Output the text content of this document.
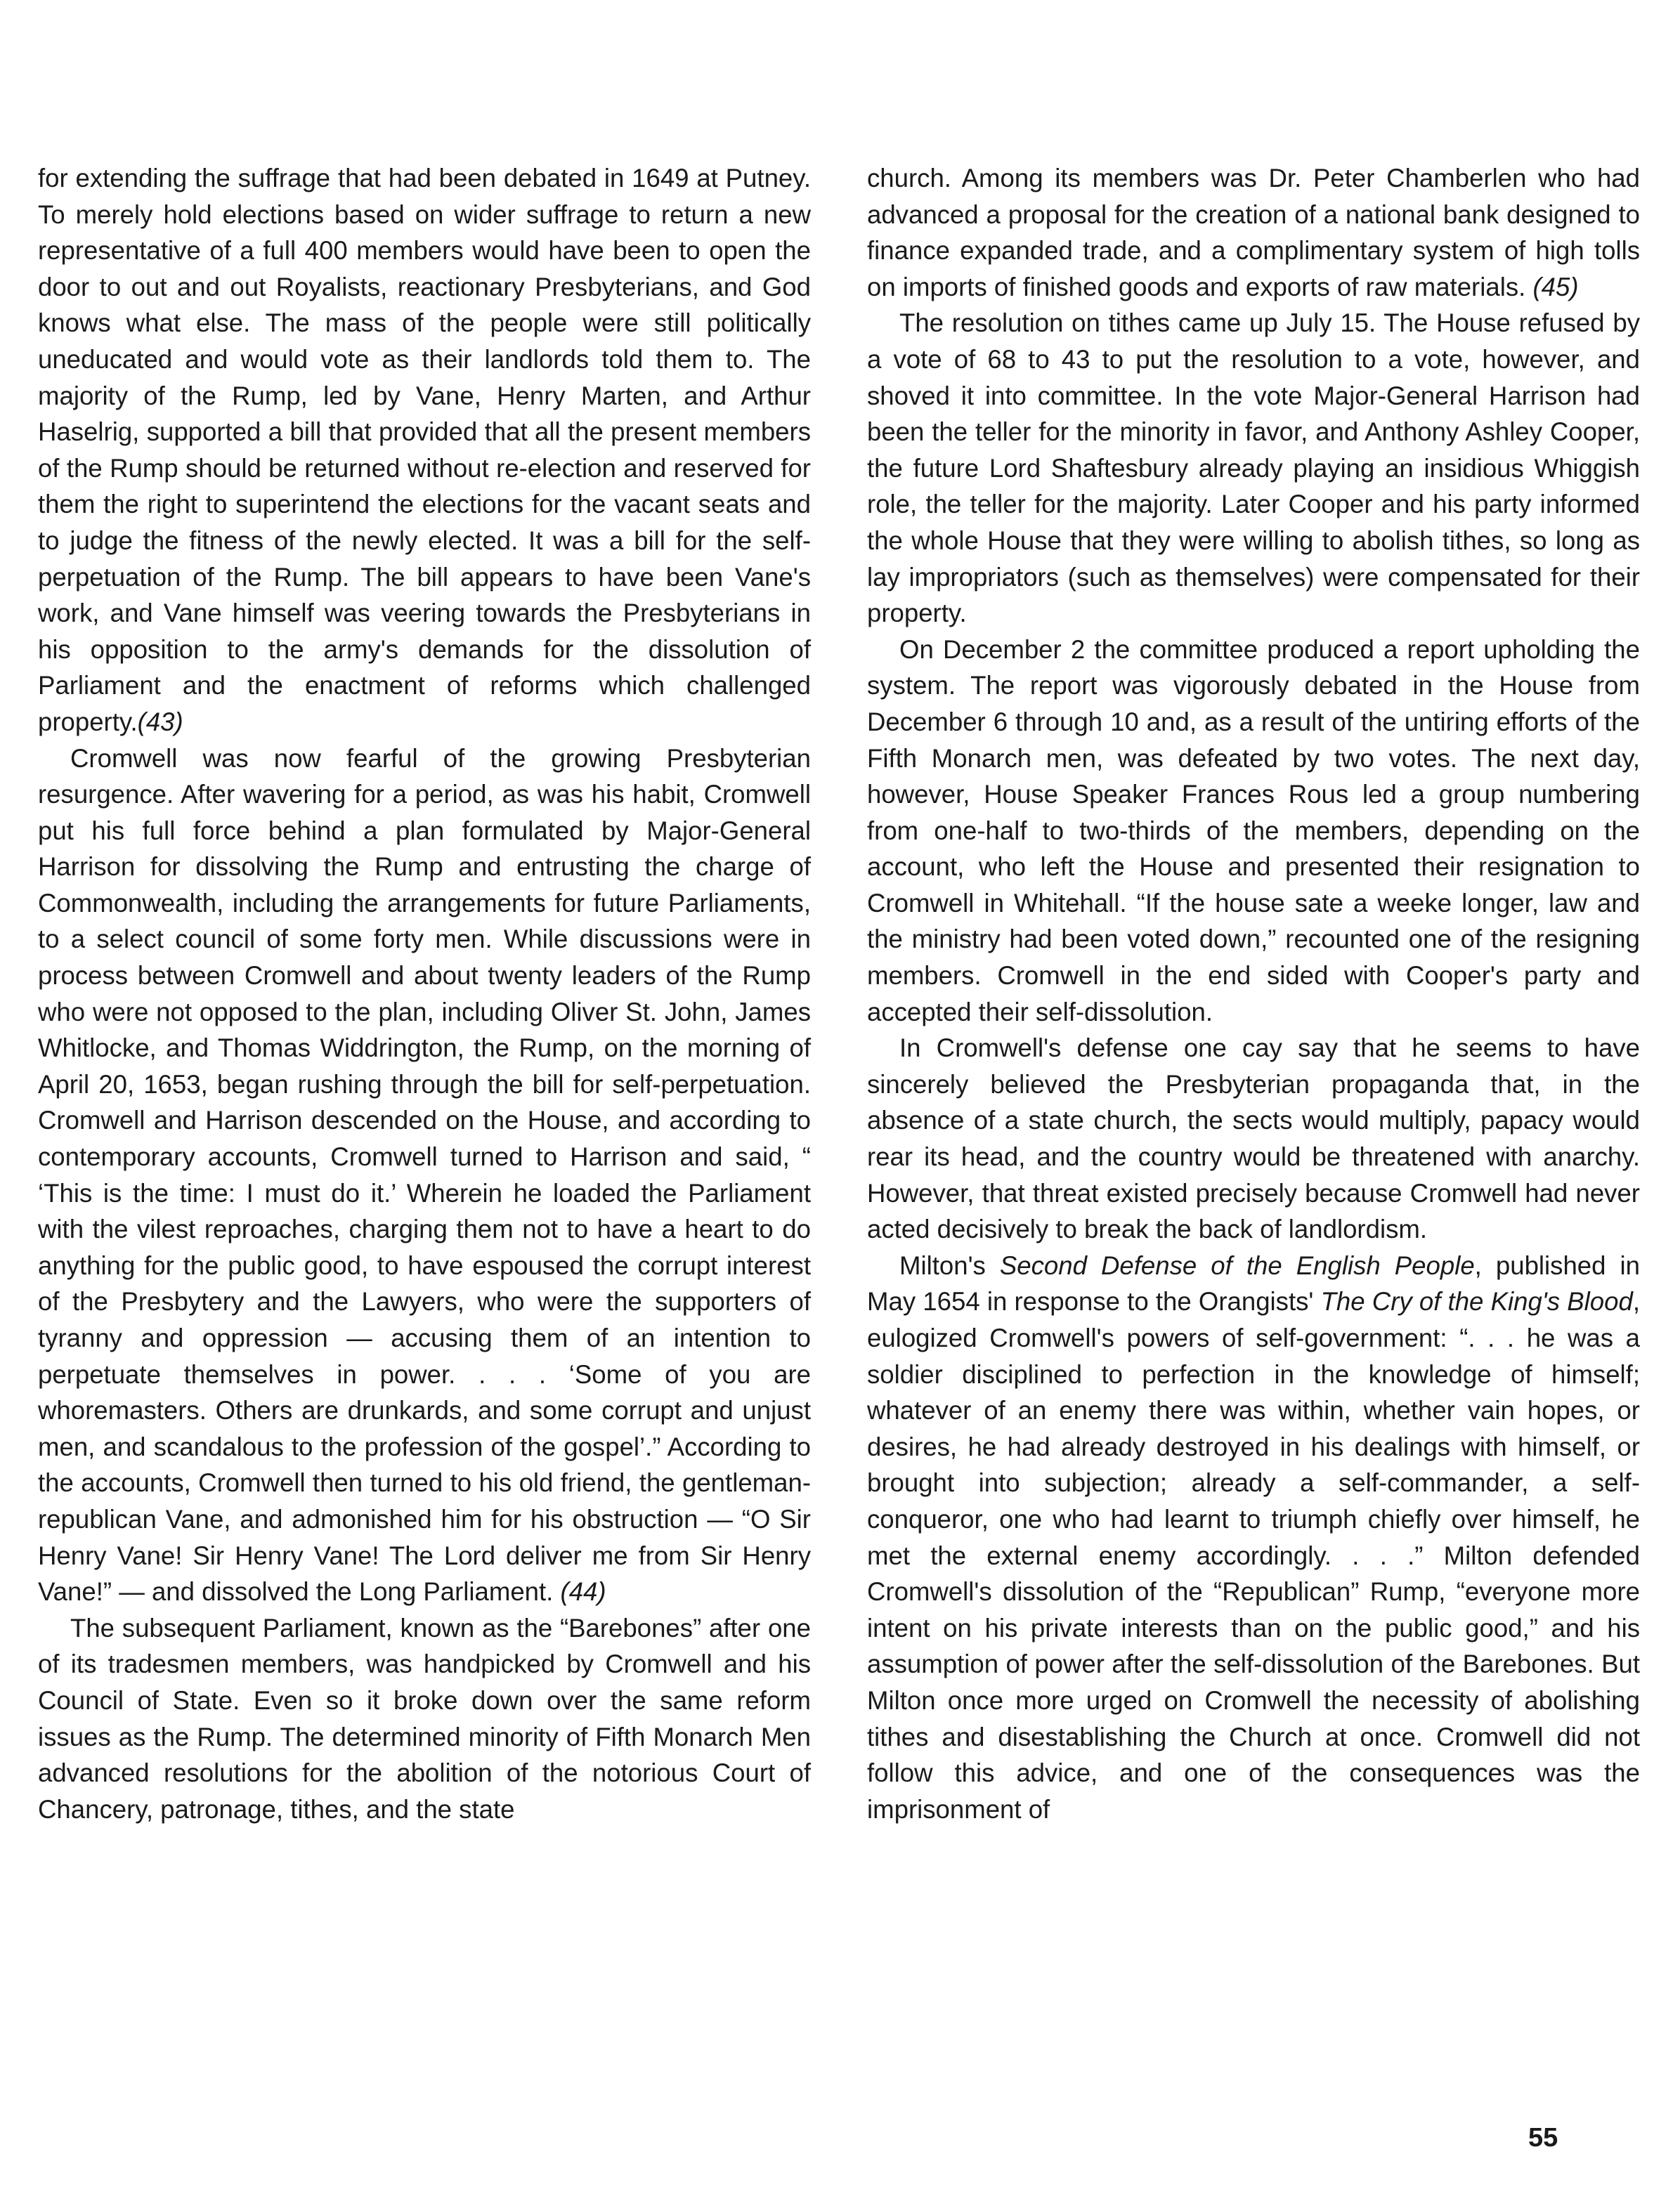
for extending the suffrage that had been debated in 1649 at Putney. To merely hold elections based on wider suffrage to return a new representative of a full 400 members would have been to open the door to out and out Royalists, reactionary Presbyterians, and God knows what else. The mass of the people were still politically uneducated and would vote as their landlords told them to. The majority of the Rump, led by Vane, Henry Marten, and Arthur Haselrig, supported a bill that provided that all the present members of the Rump should be returned without re-election and reserved for them the right to superintend the elections for the vacant seats and to judge the fitness of the newly elected. It was a bill for the self-perpetuation of the Rump. The bill appears to have been Vane's work, and Vane himself was veering towards the Presbyterians in his opposition to the army's demands for the dissolution of Parliament and the enactment of reforms which challenged property.(43)

Cromwell was now fearful of the growing Presbyterian resurgence. After wavering for a period, as was his habit, Cromwell put his full force behind a plan formulated by Major-General Harrison for dissolving the Rump and entrusting the charge of Commonwealth, including the arrangements for future Parliaments, to a select council of some forty men. While discussions were in process between Cromwell and about twenty leaders of the Rump who were not opposed to the plan, including Oliver St. John, James Whitlocke, and Thomas Widdrington, the Rump, on the morning of April 20, 1653, began rushing through the bill for self-perpetuation. Cromwell and Harrison descended on the House, and according to contemporary accounts, Cromwell turned to Harrison and said, “ ‘This is the time: I must do it.’ Wherein he loaded the Parliament with the vilest reproaches, charging them not to have a heart to do anything for the public good, to have espoused the corrupt interest of the Presbytery and the Lawyers, who were the supporters of tyranny and oppression — accusing them of an intention to perpetuate themselves in power. . . . ‘Some of you are whoremasters. Others are drunkards, and some corrupt and unjust men, and scandalous to the profession of the gospel’.” According to the accounts, Cromwell then turned to his old friend, the gentleman-republican Vane, and admonished him for his obstruction — “O Sir Henry Vane! Sir Henry Vane! The Lord deliver me from Sir Henry Vane!” — and dissolved the Long Parliament. (44)

The subsequent Parliament, known as the “Barebones” after one of its tradesmen members, was handpicked by Cromwell and his Council of State. Even so it broke down over the same reform issues as the Rump. The determined minority of Fifth Monarch Men advanced resolutions for the abolition of the notorious Court of Chancery, patronage, tithes, and the state

church. Among its members was Dr. Peter Chamberlen who had advanced a proposal for the creation of a national bank designed to finance expanded trade, and a complimentary system of high tolls on imports of finished goods and exports of raw materials. (45)

The resolution on tithes came up July 15. The House refused by a vote of 68 to 43 to put the resolution to a vote, however, and shoved it into committee. In the vote Major-General Harrison had been the teller for the minority in favor, and Anthony Ashley Cooper, the future Lord Shaftesbury already playing an insidious Whiggish role, the teller for the majority. Later Cooper and his party informed the whole House that they were willing to abolish tithes, so long as lay impropriators (such as themselves) were compensated for their property.

On December 2 the committee produced a report upholding the system. The report was vigorously debated in the House from December 6 through 10 and, as a result of the untiring efforts of the Fifth Monarch men, was defeated by two votes. The next day, however, House Speaker Frances Rous led a group numbering from one-half to two-thirds of the members, depending on the account, who left the House and presented their resignation to Cromwell in Whitehall. “If the house sate a weeke longer, law and the ministry had been voted down,” recounted one of the resigning members. Cromwell in the end sided with Cooper's party and accepted their self-dissolution.

In Cromwell's defense one cay say that he seems to have sincerely believed the Presbyterian propaganda that, in the absence of a state church, the sects would multiply, papacy would rear its head, and the country would be threatened with anarchy. However, that threat existed precisely because Cromwell had never acted decisively to break the back of landlordism.

Milton's Second Defense of the English People, published in May 1654 in response to the Orangists' The Cry of the King's Blood, eulogized Cromwell's powers of self-government: “. . . he was a soldier disciplined to perfection in the knowledge of himself; whatever of an enemy there was within, whether vain hopes, or desires, he had already destroyed in his dealings with himself, or brought into subjection; already a self-commander, a self-conqueror, one who had learnt to triumph chiefly over himself, he met the external enemy accordingly. . . .” Milton defended Cromwell's dissolution of the “Republican” Rump, “everyone more intent on his private interests than on the public good,” and his assumption of power after the self-dissolution of the Barebones. But Milton once more urged on Cromwell the necessity of abolishing tithes and disestablishing the Church at once. Cromwell did not follow this advice, and one of the consequences was the imprisonment of

55
